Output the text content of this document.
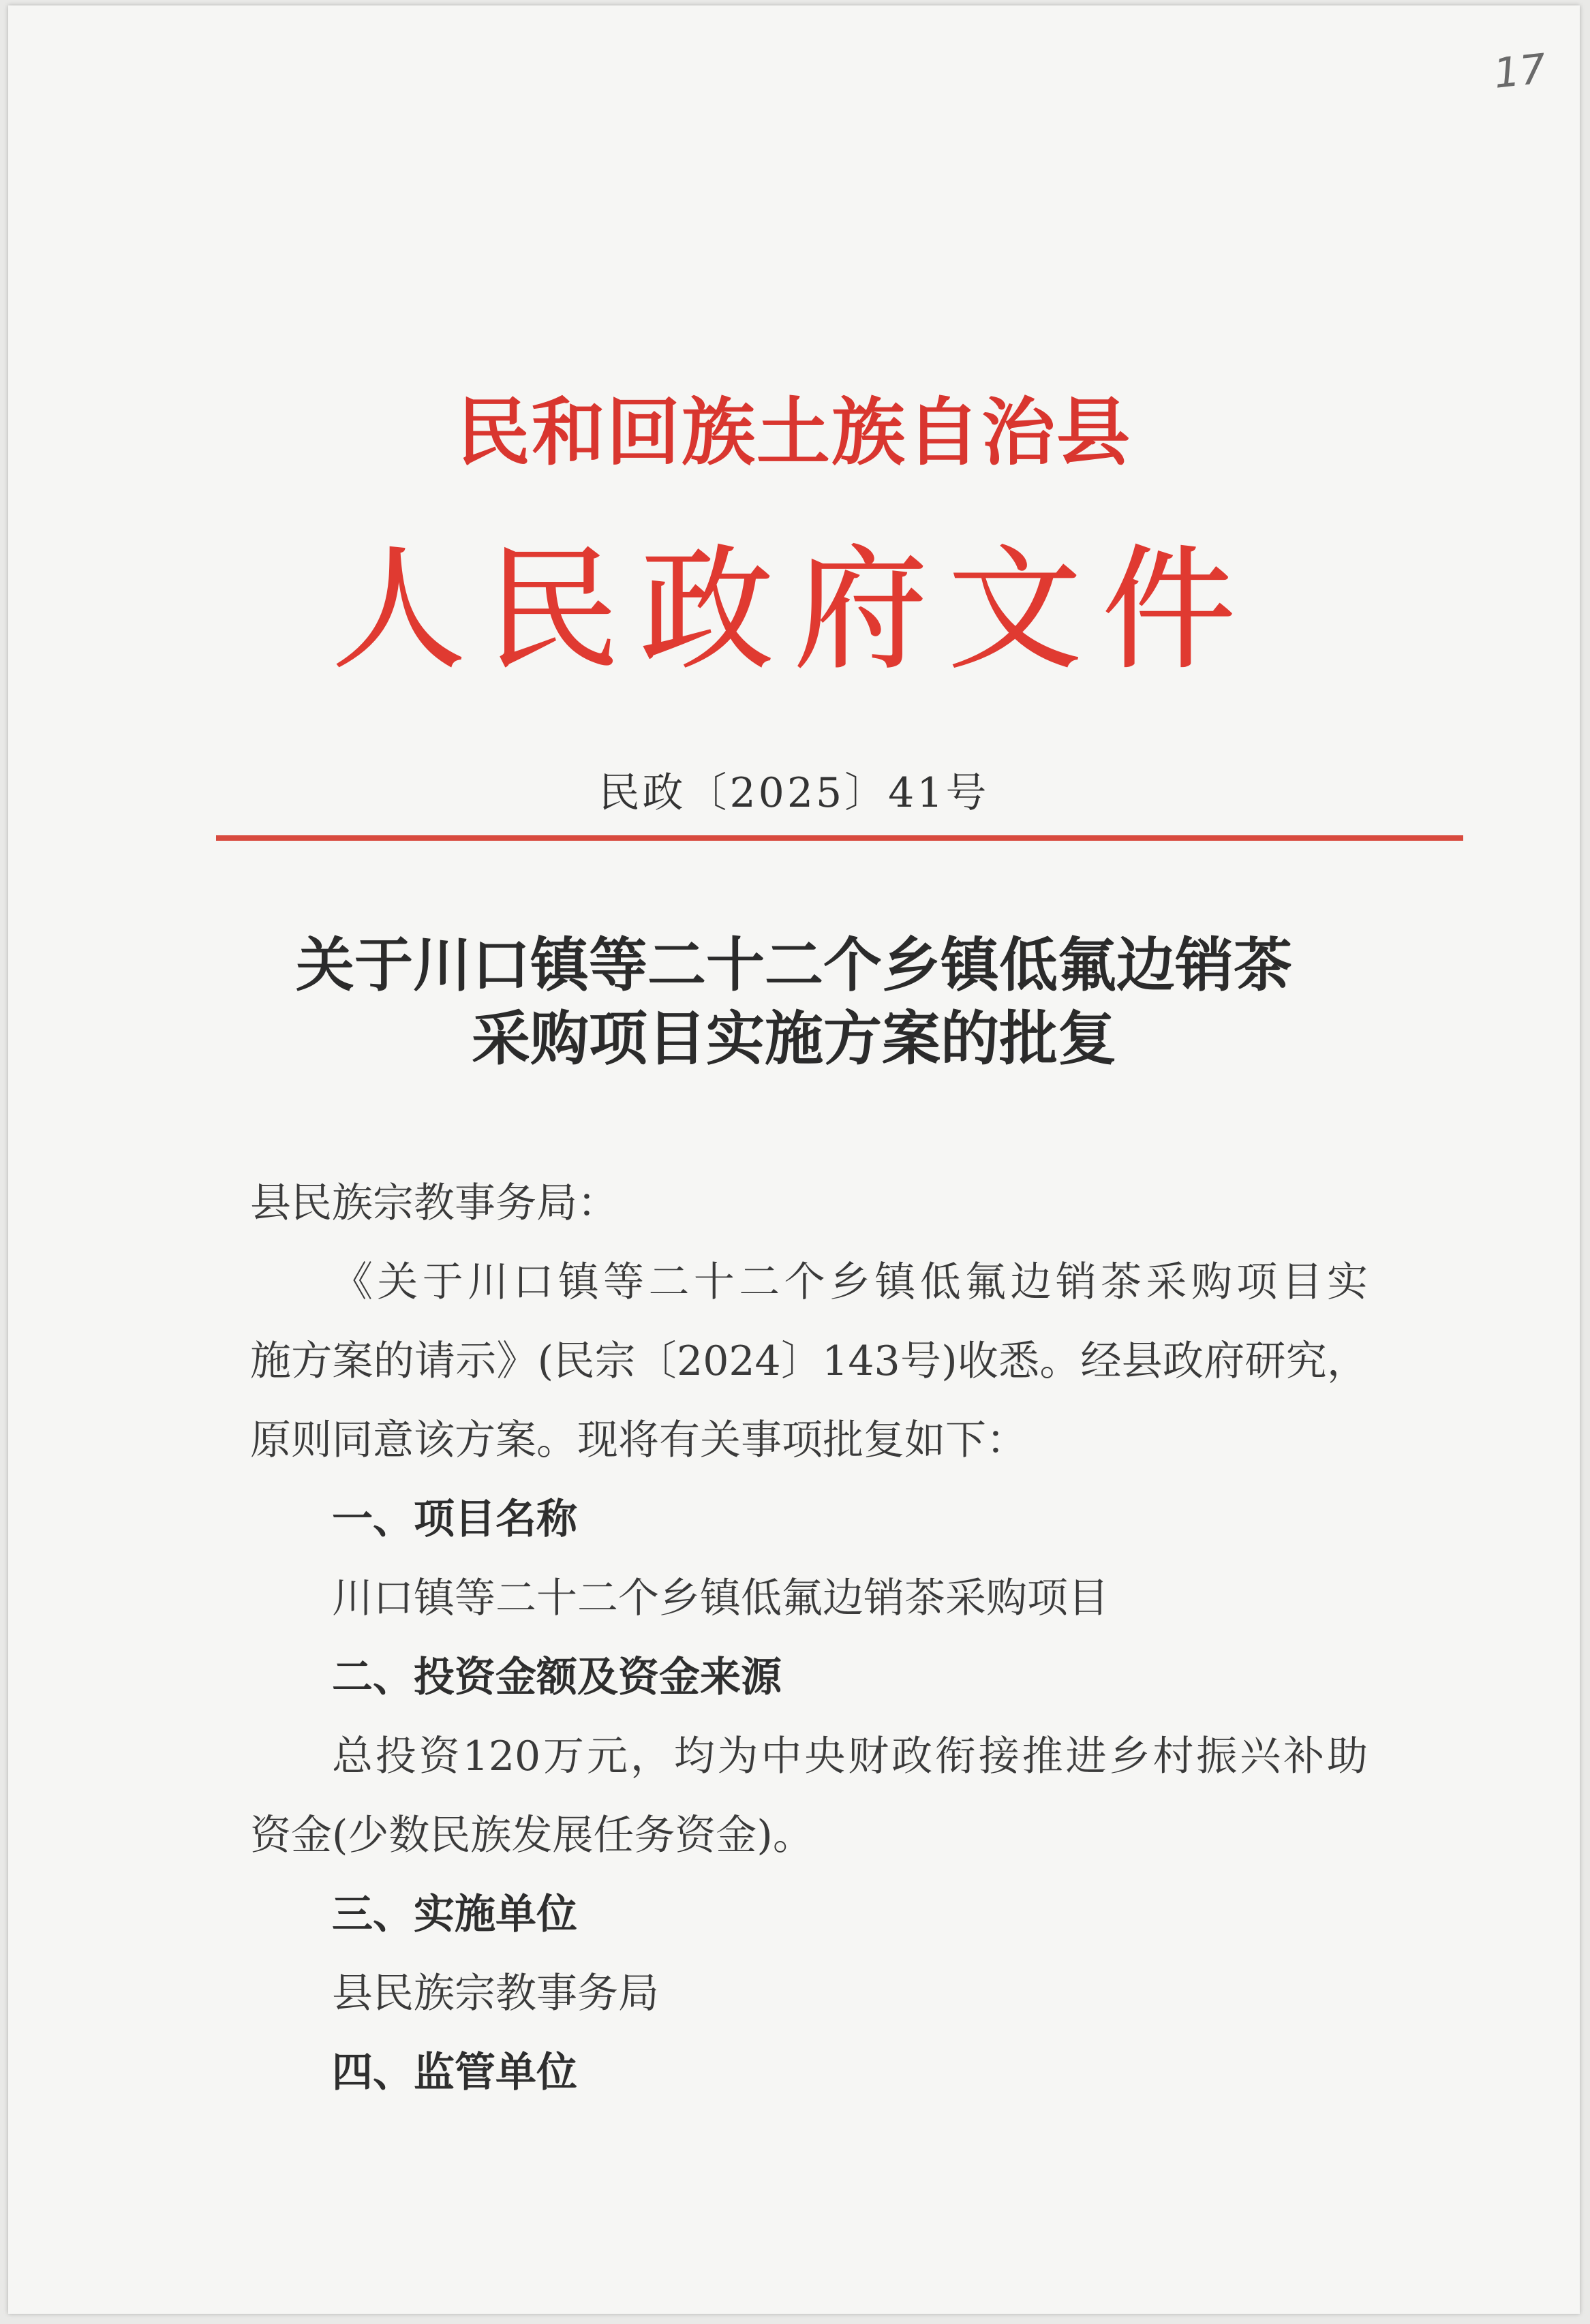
17
民和回族土族自治县
人民政府文件
民政〔2025〕41号
关于川口镇等二十二个乡镇低氟边销茶
采购项目实施方案的批复

县民族宗教事务局：

《关于川口镇等二十二个乡镇低氟边销茶采购项目实

施方案的请示》(民宗〔2024〕143号)收悉。经县政府研究，

原则同意该方案。现将有关事项批复如下：

一、项目名称

川口镇等二十二个乡镇低氟边销茶采购项目

二、投资金额及资金来源

总投资120万元，均为中央财政衔接推进乡村振兴补助

资金(少数民族发展任务资金)。

三、实施单位

县民族宗教事务局

四、监管单位
